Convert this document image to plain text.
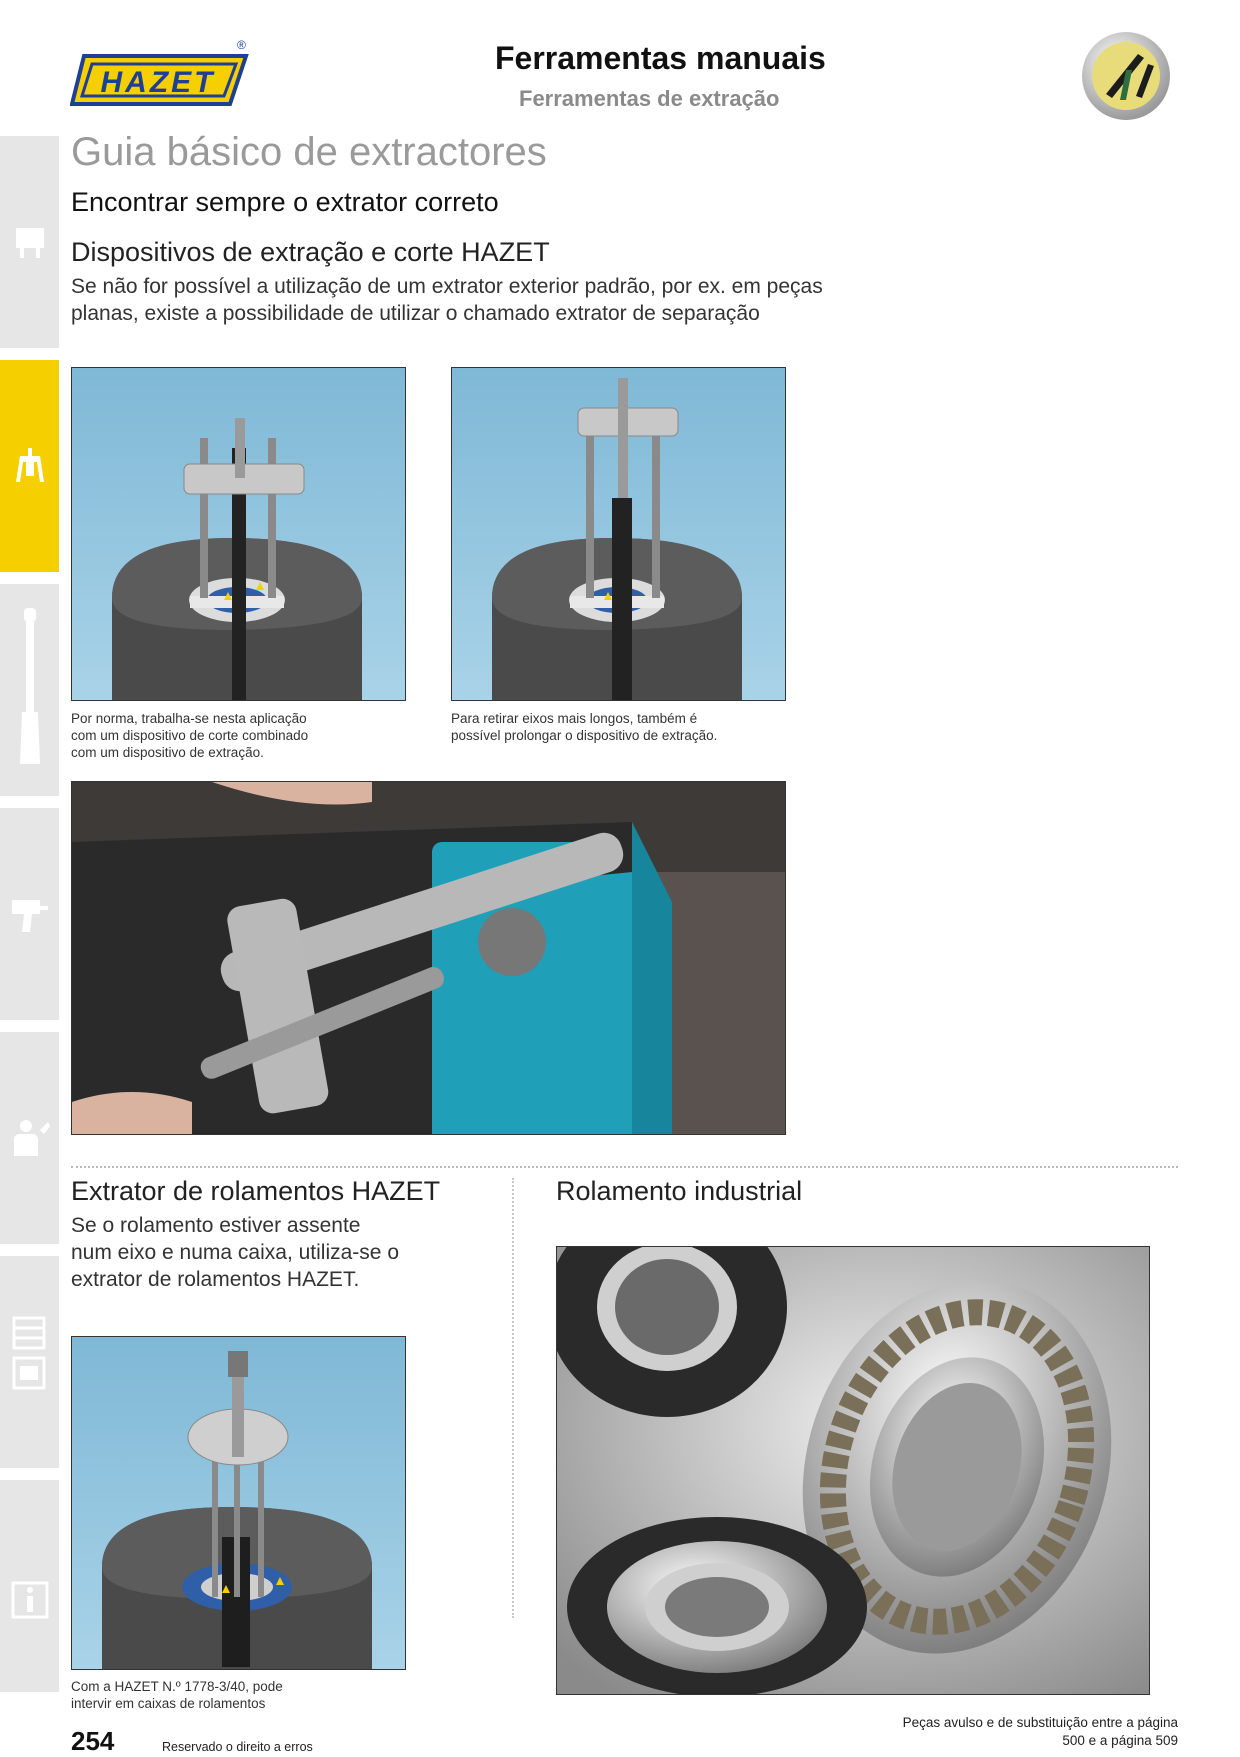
HAZET
®	Ferramentas manuais
Ferramentas de extração
Guia básico de extractores
Encontrar sempre o extrator correto
Dispositivos de extração e corte HAZET
Se não for possível a utilização de um extrator exterior padrão, por ex. em peças
planas, existe a possibilidade de utilizar o chamado extrator de separação
Por norma, trabalha-se nesta aplicação
com um dispositivo de corte combinado
com um dispositivo de extração.
Para retirar eixos mais longos, também é
possível prolongar o dispositivo de extração.
Extrator de rolamentos HAZET
Se o rolamento estiver assente
num eixo e numa caixa, utiliza-se o
extrator de rolamentos HAZET.
Com a HAZET N.º 1778-3/40, pode
intervir em caixas de rolamentos
Rolamento industrial
254	Reservado o direito a erros
Peças avulso e de substituição entre a página
500 e a página 509
